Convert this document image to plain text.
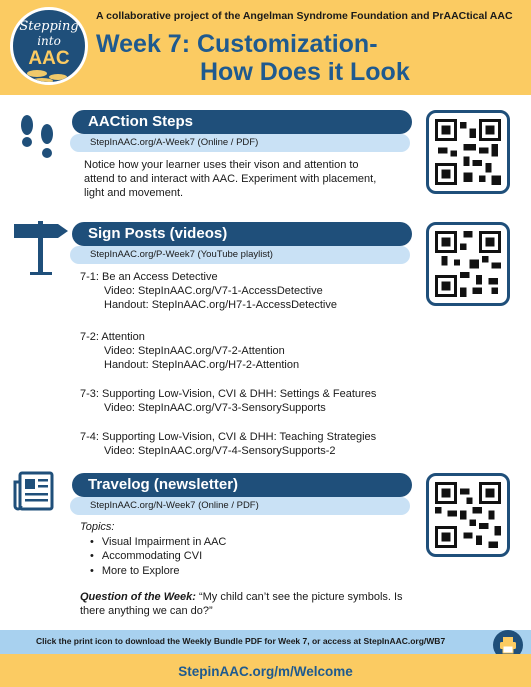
Stepping
into
AAC
A collaborative project of the Angelman Syndrome Foundation and PrAACtical AAC
Week 7: Customization-
How Does it Look
AACtion Steps
StepInAAC.org/A-Week7 (Online / PDF)
Notice how your learner uses their vison and attention to attend to and interact with AAC. Experiment with placement, light and movement.
Sign Posts (videos)
StepInAAC.org/P-Week7 (YouTube playlist)
7-1: Be an Access Detective
Video: StepInAAC.org/V7-1-AccessDetective
Handout: StepInAAC.org/H7-1-AccessDetective
7-2: Attention
Video: StepInAAC.org/V7-2-Attention
Handout: StepInAAC.org/H7-2-Attention
7-3: Supporting Low-Vision, CVI & DHH: Settings & Features
Video: StepInAAC.org/V7-3-SensorySupports
7-4: Supporting Low-Vision, CVI & DHH: Teaching Strategies
Video: StepInAAC.org/V7-4-SensorySupports-2
Travelog (newsletter)
StepInAAC.org/N-Week7 (Online / PDF)
Topics:
• Visual Impairment in AAC
• Accommodating CVI
• More to Explore
Question of the Week: “My child can’t see the picture symbols. Is there anything we can do?”
Click the print icon to download the Weekly Bundle PDF for Week 7, or access at StepInAAC.org/WB7
StepinAAC.org/m/Welcome
